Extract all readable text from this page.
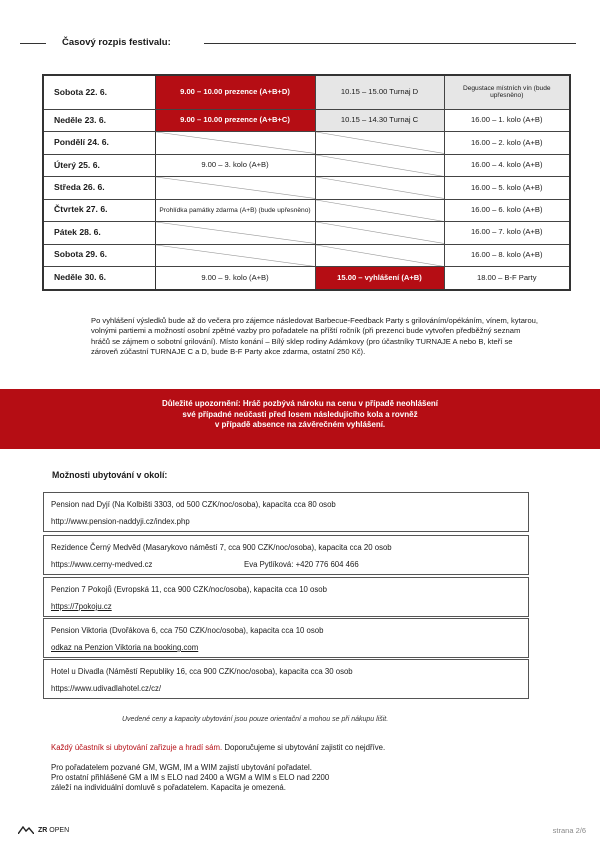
Časový rozpis festivalu:
Sobota 22. 6.	9.00 – 10.00 prezence (A+B+D)	10.15 – 15.00 Turnaj D	Degustace místních vín (bude upřesněno)
Neděle 23. 6.	9.00 – 10.00 prezence (A+B+C)	10.15 – 14.30 Turnaj C	16.00 – 1. kolo (A+B)
Pondělí 24. 6.			16.00 – 2. kolo (A+B)
Úterý 25. 6.	9.00 – 3. kolo (A+B)		16.00 – 4. kolo (A+B)
Středa 26. 6.			16.00 – 5. kolo (A+B)
Čtvrtek 27. 6.	Prohlídka památky zdarma (A+B) (bude upřesněno)		16.00 – 6. kolo (A+B)
Pátek 28. 6.			16.00 – 7. kolo (A+B)
Sobota 29. 6.			16.00 – 8. kolo (A+B)
Neděle 30. 6.	9.00 – 9. kolo (A+B)	15.00 – vyhlášení (A+B)	18.00 – B-F Party
Po vyhlášení výsledků bude až do večera pro zájemce následovat Barbecue-Feedback Party s grilováním/opékáním, vínem, kytarou, volnými partiemi a možností osobní zpětné vazby pro pořadatele na příští ročník (při prezenci bude vytvořen předběžný seznam hráčů se zájmem o sobotní grilování). Místo konání – Bílý sklep rodiny Adámkovy (pro účastníky TURNAJE A nebo B, kteří se zároveň zúčastní TURNAJE C a D, bude B-F Party akce zdarma, ostatní 250 Kč).
Důležité upozornění: Hráč pozbývá nároku na cenu v případě neohlášení
své případné neúčasti před losem následujícího kola a rovněž
v případě absence na závěrečném vyhlášení.
Možnosti ubytování v okolí:
Pension nad Dyjí (Na Kolbišti 3303, od 500 CZK/noc/osoba), kapacita cca 80 osob
http://www.pension-naddyji.cz/index.php
Rezidence Černý Medvěd (Masarykovo náměstí 7, cca 900 CZK/noc/osoba), kapacita cca 20 osob
https://www.cerny-medved.cz	Eva Pytlíková: +420 776 604 466
Penzion 7 Pokojů (Evropská 11, cca 900 CZK/noc/osoba), kapacita cca 10 osob
https://7pokoju.cz
Pension Viktoria (Dvořákova 6, cca 750 CZK/noc/osoba), kapacita cca 10 osob
odkaz na Penzion Viktoria na booking.com
Hotel u Divadla (Náměstí Republiky 16, cca 900 CZK/noc/osoba), kapacita cca 30 osob
https://www.udivadlahotel.cz/cz/
Uvedené ceny a kapacity ubytování jsou pouze orientační a mohou se při nákupu lišit.
Každý účastník si ubytování zařizuje a hradí sám. Doporučujeme si ubytování zajistit co nejdříve.
Pro pořadatelem pozvané GM, WGM, IM a WIM zajistí ubytování pořadatel.
Pro ostatní přihlášené GM a IM s ELO nad 2400 a WGM a WIM s ELO nad 2200
záleží na individuální domluvě s pořadatelem. Kapacita je omezená.
ZR OPEN	strana 2/6
